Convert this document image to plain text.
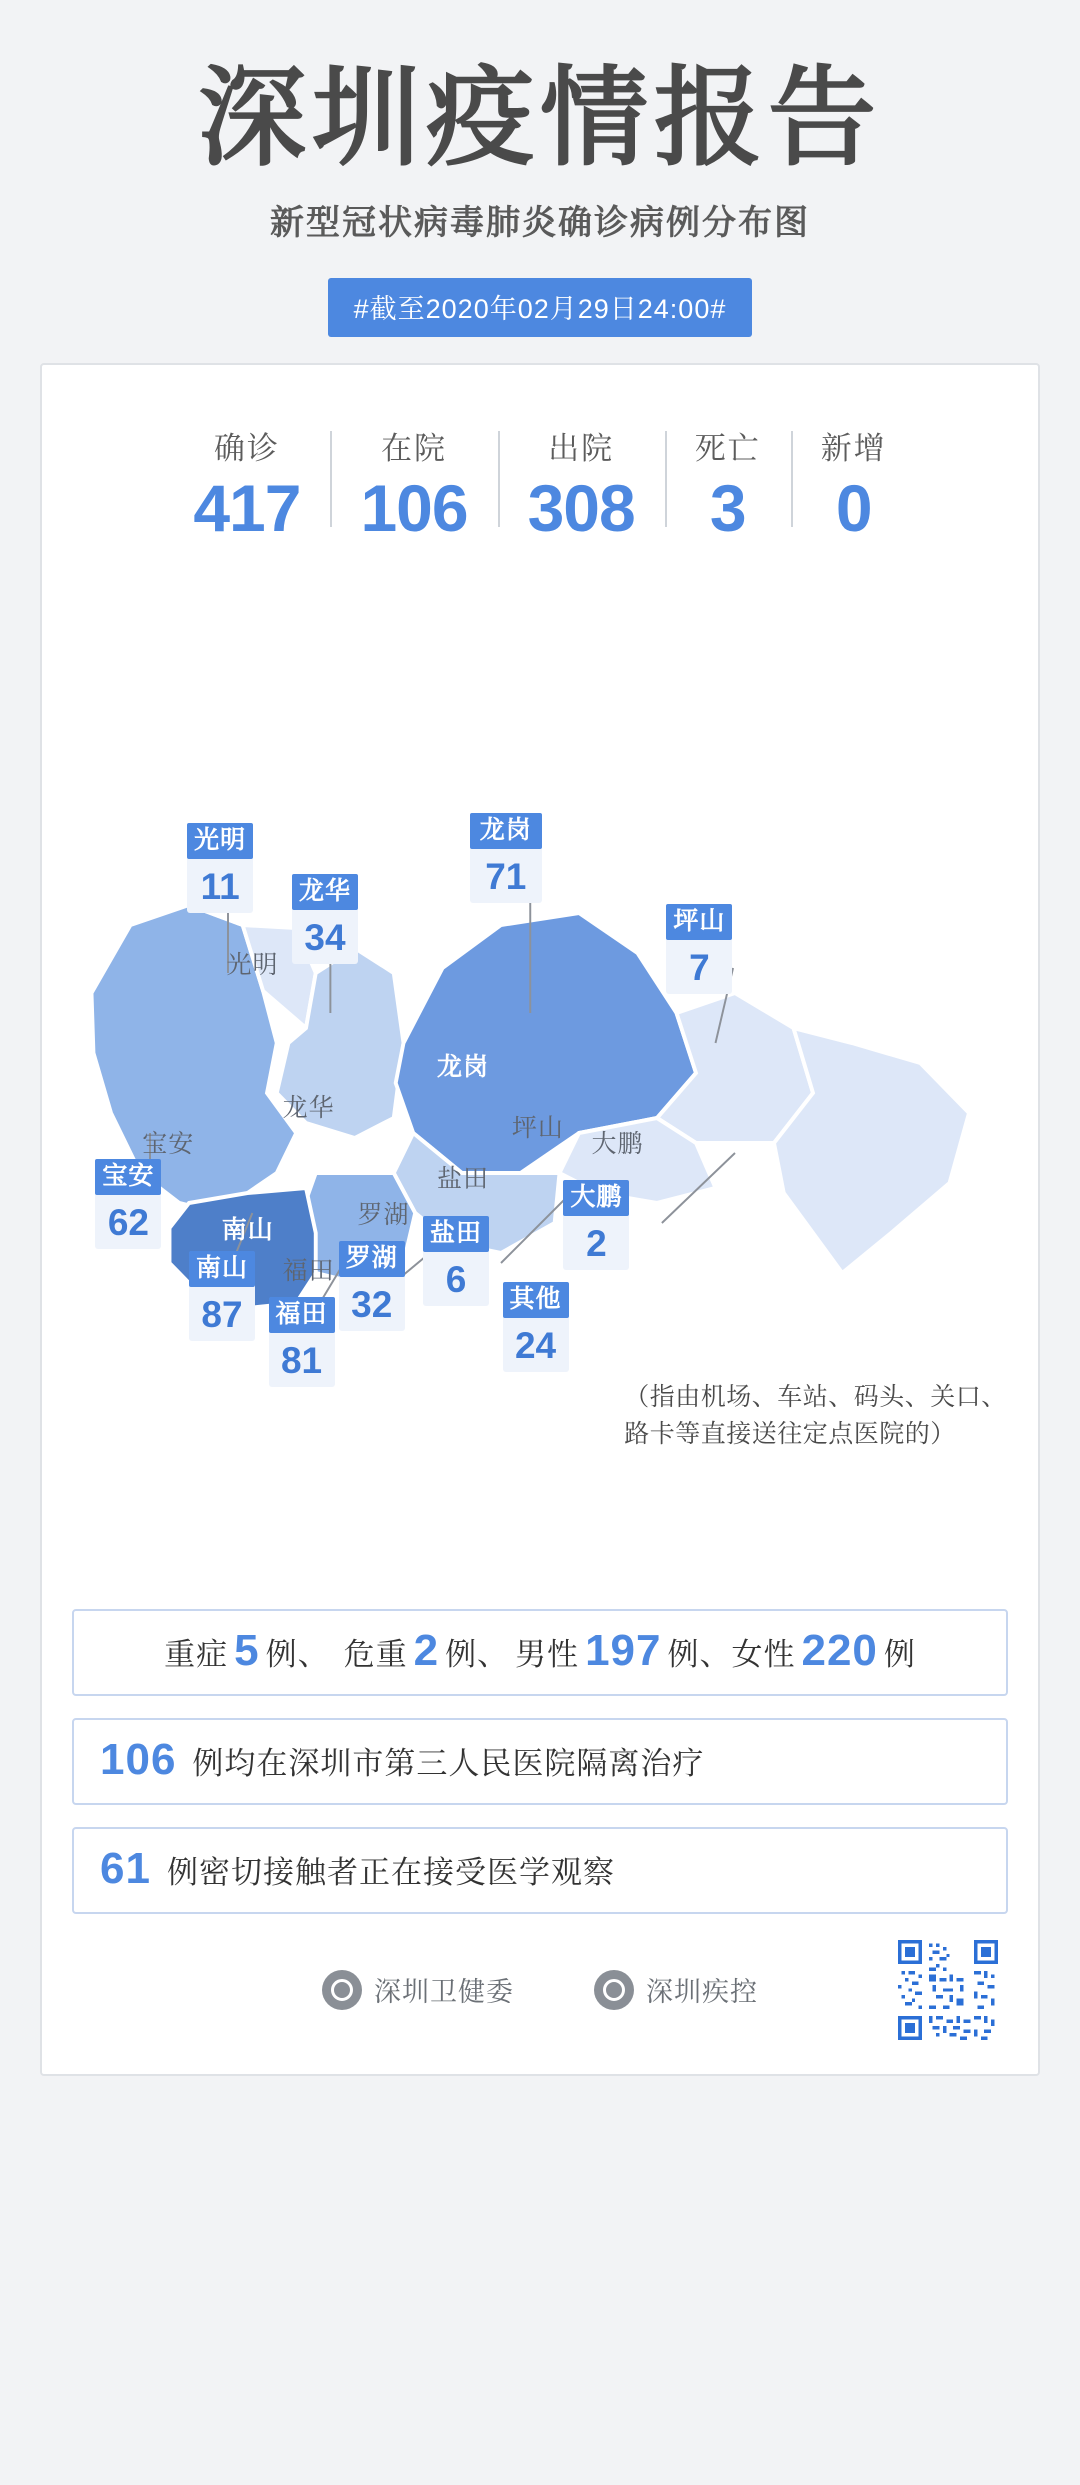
深圳疫情报告
新型冠状病毒肺炎确诊病例分布图
#截至2020年02月29日24:00#
确诊
417
在院
106
出院
308
死亡
3
新增
0
光明
龙华
宝安
南山
福田
罗湖
龙岗
坪山
盐田
大鹏
光明
11 龙华
34
龙岗
71
坪山
7
宝安
62
南山
87 福田
81
罗湖
32
盐田
6
大鹏
2
其他
24
（指由机场、车站、码头、关口、
路卡等直接送往定点医院的）
重症 5 例、 危重 2 例、 男性 197 例、 女性 220 例
106 例均在深圳市第三人民医院隔离治疗
61 例密切接触者正在接受医学观察
深圳卫健委	深圳疾控
